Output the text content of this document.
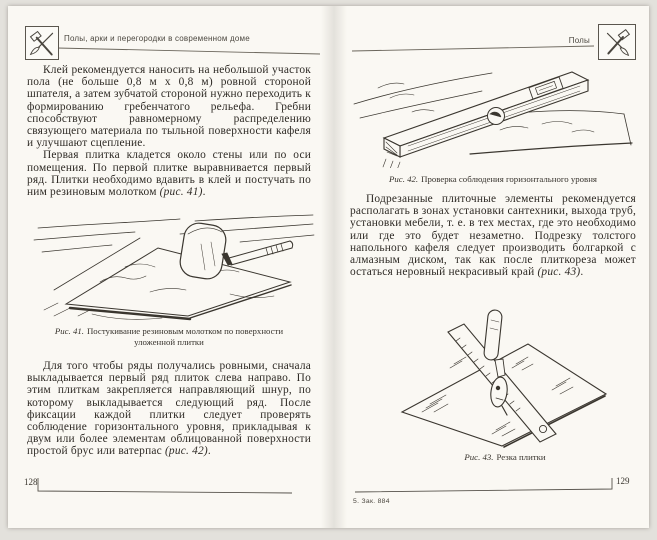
Полы, арки и перегородки в современном доме

Клей рекомендуется наносить на небольшой участок пола (не больше 0,8 м х 0,8 м) ровной стороной шпателя, а затем зубчатой стороной нужно переходить к формированию гребенчатого рельефа. Гребни способствуют равномерному распределению связующего материала по тыльной поверхности кафеля и улучшают сцепление.

Первая плитка кладется около стены или по оси помещения. По первой плитке выравнивается первый ряд. Плитки необходимо вдавить в клей и постучать по ним резиновым молотком (рис. 41).

Рис. 41. Постукивание резиновым молотком по поверхности уложенной плитки

Для того чтобы ряды получались ровными, сначала выкладывается первый ряд плиток слева направо. По этим плиткам закрепляется направляющий шнур, по которому выкладывается следующий ряд. После фиксации каждой плитки следует проверять соблюдение горизонтального уровня, прикладывая к двум или более элементам облицованной поверхности простой брус или ватерпас (рис. 42).

Полы
Рис. 42. Проверка соблюдения горизонтального уровня

Подрезанные плиточные элементы рекомендуется располагать в зонах установки сантехники, выхода труб, установки мебели, т. е. в тех местах, где это необходимо или где это будет незаметно. Подрезку толстого напольного кафеля следует производить болгаркой с алмазным диском, так как после плиткореза может остаться неровный некрасивый край (рис. 43).

Рис. 43. Резка плитки
128	129
5. Зак. 884
